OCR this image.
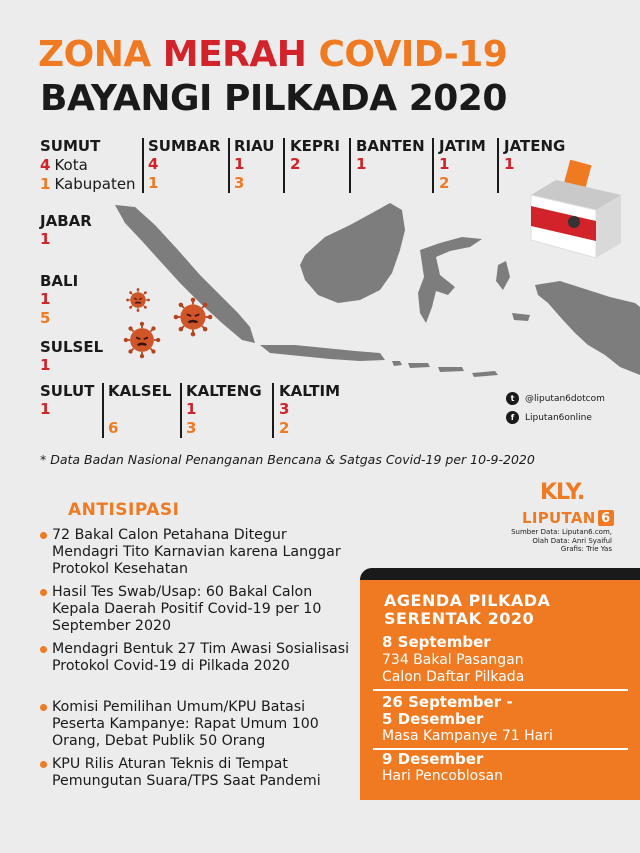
ZONA MERAH COVID-19
BAYANGI PILKADA 2020
SUMUT
4 Kota
1 Kabupaten
SUMBAR
4
1
RIAU
1
3
KEPRI
2
BANTEN
1
JATIM
1
2
JATENG
1
JABAR
1
BALI
1
5
SULSEL
1
SULUT
1
KALSEL
6
KALTENG
1
3
KALTIM
3
2
t	@liputan6dotcom
f	Liputan6online
* Data Badan Nasional Penanganan Bencana & Satgas Covid-19 per 10-9-2020
ANTISIPASI
72 Bakal Calon Petahana Ditegur Mendagri Tito Karnavian karena Langgar Protokol Kesehatan
Hasil Tes Swab/Usap: 60 Bakal Calon Kepala Daerah Positif Covid-19 per 10 September 2020
Mendagri Bentuk 27 Tim Awasi Sosialisasi Protokol Covid-19 di Pilkada 2020
Komisi Pemilihan Umum/KPU Batasi Peserta Kampanye: Rapat Umum 100 Orang, Debat Publik 50 Orang
KPU Rilis Aturan Teknis di Tempat Pemungutan Suara/TPS Saat Pandemi
KLY.
LIPUTAN 6
Sumber Data: Liputan6.com,
Olah Data: Anri Syaiful
Grafis: Trie Yas
AGENDA PILKADA
SERENTAK 2020
8 September
734 Bakal Pasangan
Calon Daftar Pilkada
26 September -
5 Desember
Masa Kampanye 71 Hari
9 Desember
Hari Pencoblosan
